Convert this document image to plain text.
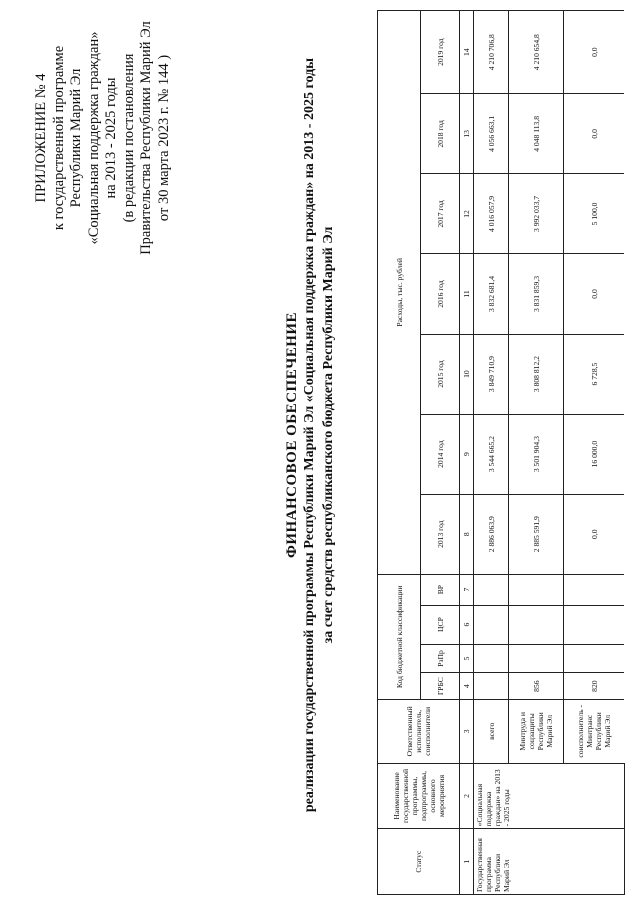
ПРИЛОЖЕНИЕ № 4 к государственной программе Республики Марий Эл «Социальная поддержка граждан» на 2013 - 2025 годы (в редакции постановления Правительства Республики Марий Эл от 30 марта 2023 г. № 144 )
ФИНАНСОВОЕ ОБЕСПЕЧЕНИЕ реализации государственной программы Республики Марий Эл «Социальная поддержка граждан» на 2013 - 2025 годы за счет средств республиканского бюджета Республики Марий Эл
Статус	Наименование государственной программы, подпрограммы, основного мероприятия	Ответственный исполнитель, соисполнители	Код бюджетной классификации				Расходы, тыс. рублей						
			ГРБС	РзПр	ЦСР	ВР	2013 год	2014 год	2015 год	2016 год	2017 год	2018 год	2019 год
1	2	3	4	5	6	7	8	9	10	11	12	13	14
Государственная программа Республики Марий Эл	«Социальная поддержка граждан» на 2013 - 2025 годы	всего					2 886 063,9	3 544 665,2	3 849 710,9	3 832 681,4	4 016 057,9	4 056 663,1	4 210 706,8
		Минтруда и соцзащиты Республики Марий Эл	856				2 885 591,9	3 501 904,3	3 808 812,2	3 831 859,3	3 992 033,7	4 048 113,8	4 210 654,8
		соисполнитель - Минтранс Республики Марий Эл	820				0,0	16 000,0	6 728,5	0,0	5 100,0	0,0	0,0
